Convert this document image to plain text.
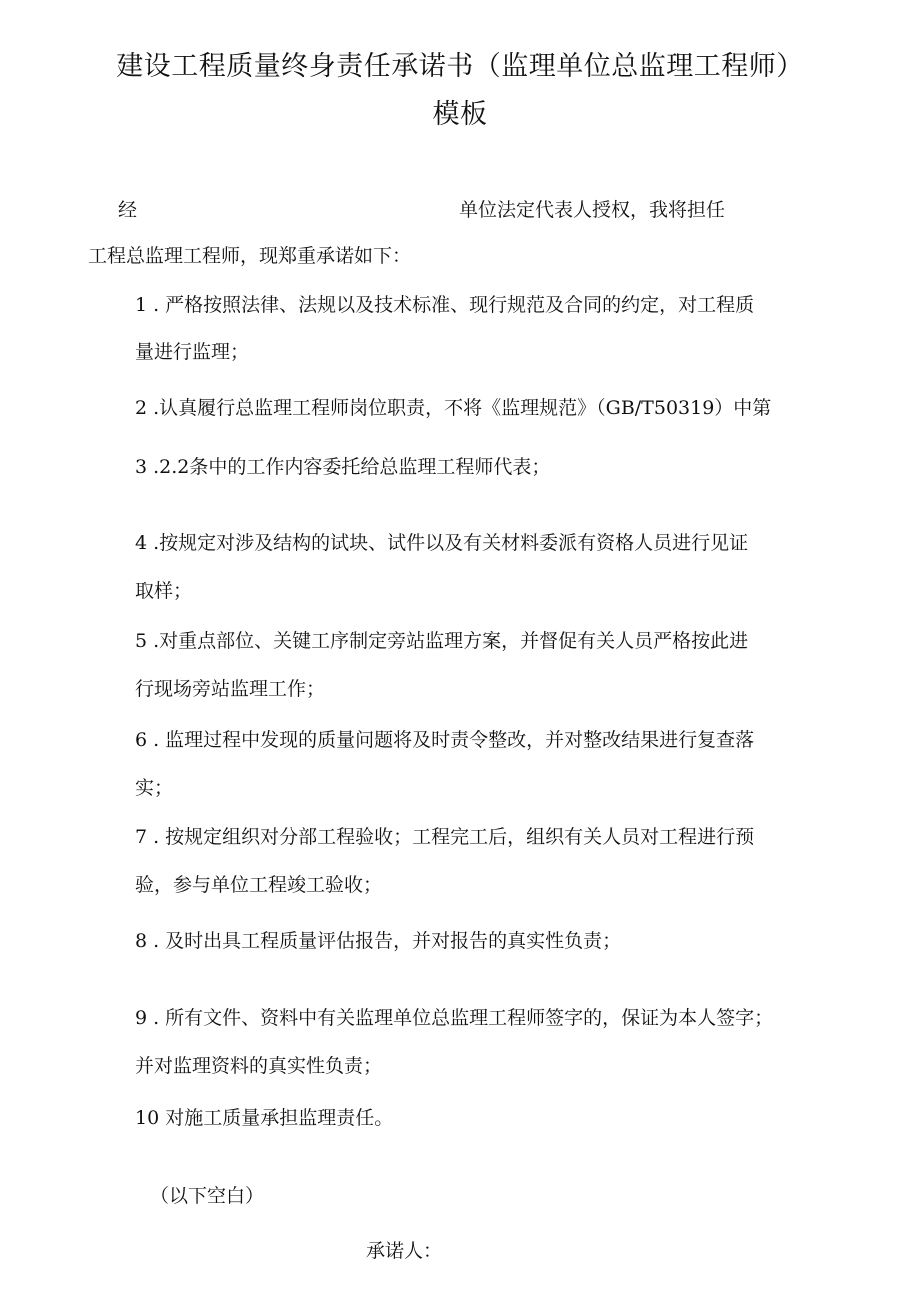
建设工程质量终身责任承诺书（监理单位总监理工程师）
模板
经	单位法定代表人授权，我将担任
工程总监理工程师，现郑重承诺如下：
1 . 严格按照法律、法规以及技术标准、现行规范及合同的约定，对工程质
量进行监理；
2 .认真履行总监理工程师岗位职责，不将《监理规范》（GB/T50319）中第
3 .2.2条中的工作内容委托给总监理工程师代表；
4 .按规定对涉及结构的试块、试件以及有关材料委派有资格人员进行见证
取样；
5 .对重点部位、关键工序制定旁站监理方案，并督促有关人员严格按此进
行现场旁站监理工作；
6 . 监理过程中发现的质量问题将及时责令整改，并对整改结果进行复查落
实；
7 . 按规定组织对分部工程验收；工程完工后，组织有关人员对工程进行预
验，参与单位工程竣工验收；
8 . 及时出具工程质量评估报告，并对报告的真实性负责；
9 . 所有文件、资料中有关监理单位总监理工程师签字的，保证为本人签字；
并对监理资料的真实性负责；
10 对施工质量承担监理责任。
（以下空白）
承诺人：
